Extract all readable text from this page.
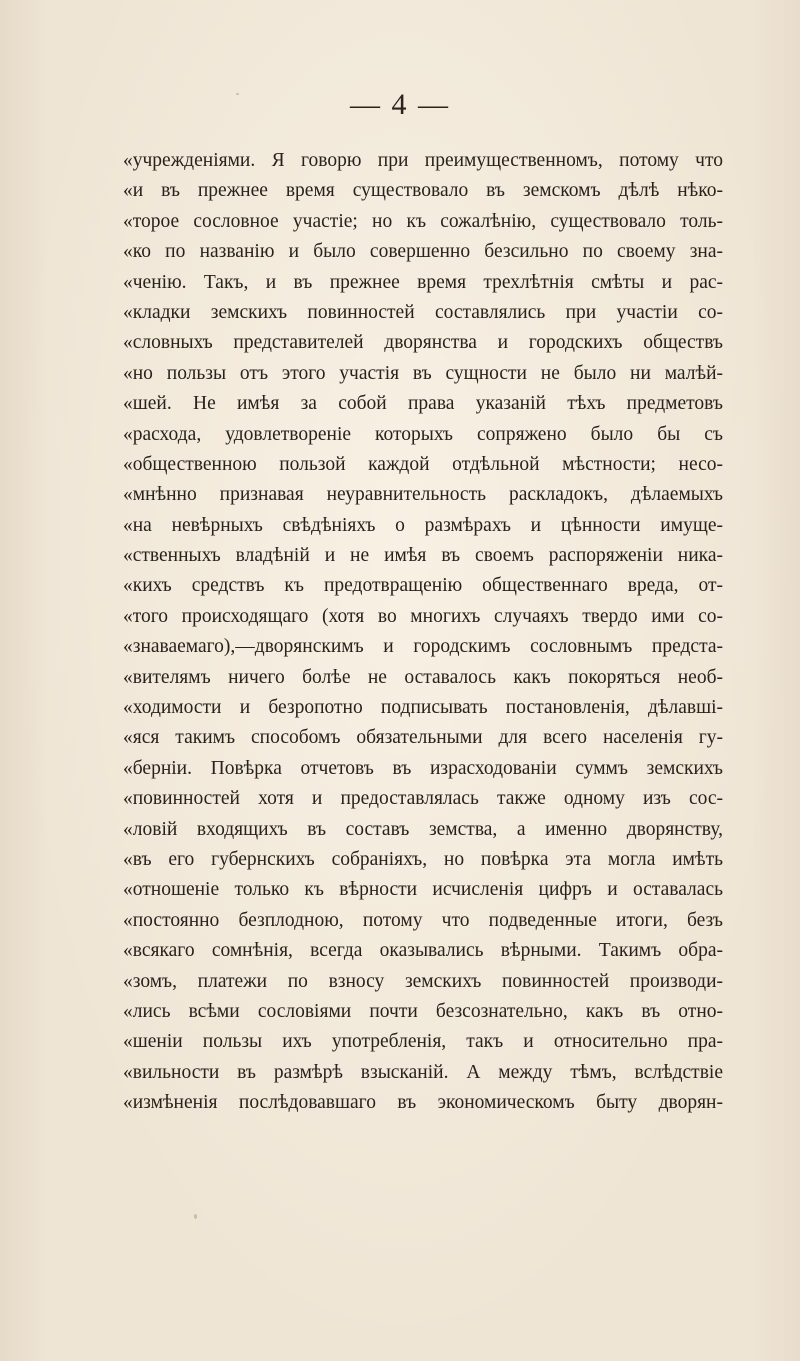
— 4 —
«учрежденіями. Я говорю при преимущественномъ, потому что
«и въ прежнее время существовало въ земскомъ дѣлѣ нѣко-
«торое сословное участіе; но къ сожалѣнію, существовало толь-
«ко по названію и было совершенно безсильно по своему зна-
«ченію. Такъ, и въ прежнее время трехлѣтнія смѣты и рас-
«кладки земскихъ повинностей составлялись при участіи со-
«словныхъ представителей дворянства и городскихъ обществъ
«но пользы отъ этого участія въ сущности не было ни малѣй-
«шей. Не имѣя за собой права указаній тѣхъ предметовъ
«расхода, удовлетвореніе которыхъ сопряжено было бы съ
«общественною пользой каждой отдѣльной мѣстности; несо-
«мнѣнно признавая неуравнительность раскладокъ, дѣлаемыхъ
«на невѣрныхъ свѣдѣніяхъ о размѣрахъ и цѣнности имуще-
«ственныхъ владѣній и не имѣя въ своемъ распоряженіи ника-
«кихъ средствъ къ предотвращенію общественнаго вреда, от-
«того происходящаго (хотя во многихъ случаяхъ твердо ими со-
«знаваемаго),—дворянскимъ и городскимъ сословнымъ предста-
«вителямъ ничего болѣе не оставалось какъ покоряться необ-
«ходимости и безропотно подписывать постановленія, дѣлавші-
«яся такимъ способомъ обязательными для всего населенія гу-
«берніи. Повѣрка отчетовъ въ израсходованіи суммъ земскихъ
«повинностей хотя и предоставлялась также одному изъ сос-
«ловій входящихъ въ составъ земства, а именно дворянству,
«въ его губернскихъ собраніяхъ, но повѣрка эта могла имѣть
«отношеніе только къ вѣрности исчисленія цифръ и оставалась
«постоянно безплодною, потому что подведенные итоги, безъ
«всякаго сомнѣнія, всегда оказывались вѣрными. Такимъ обра-
«зомъ, платежи по взносу земскихъ повинностей производи-
«лись всѣми сословіями почти безсознательно, какъ въ отно-
«шеніи пользы ихъ употребленія, такъ и относительно пра-
«вильности въ размѣрѣ взысканій. А между тѣмъ, вслѣдствіе
«измѣненія послѣдовавшаго въ экономическомъ быту дворян-
